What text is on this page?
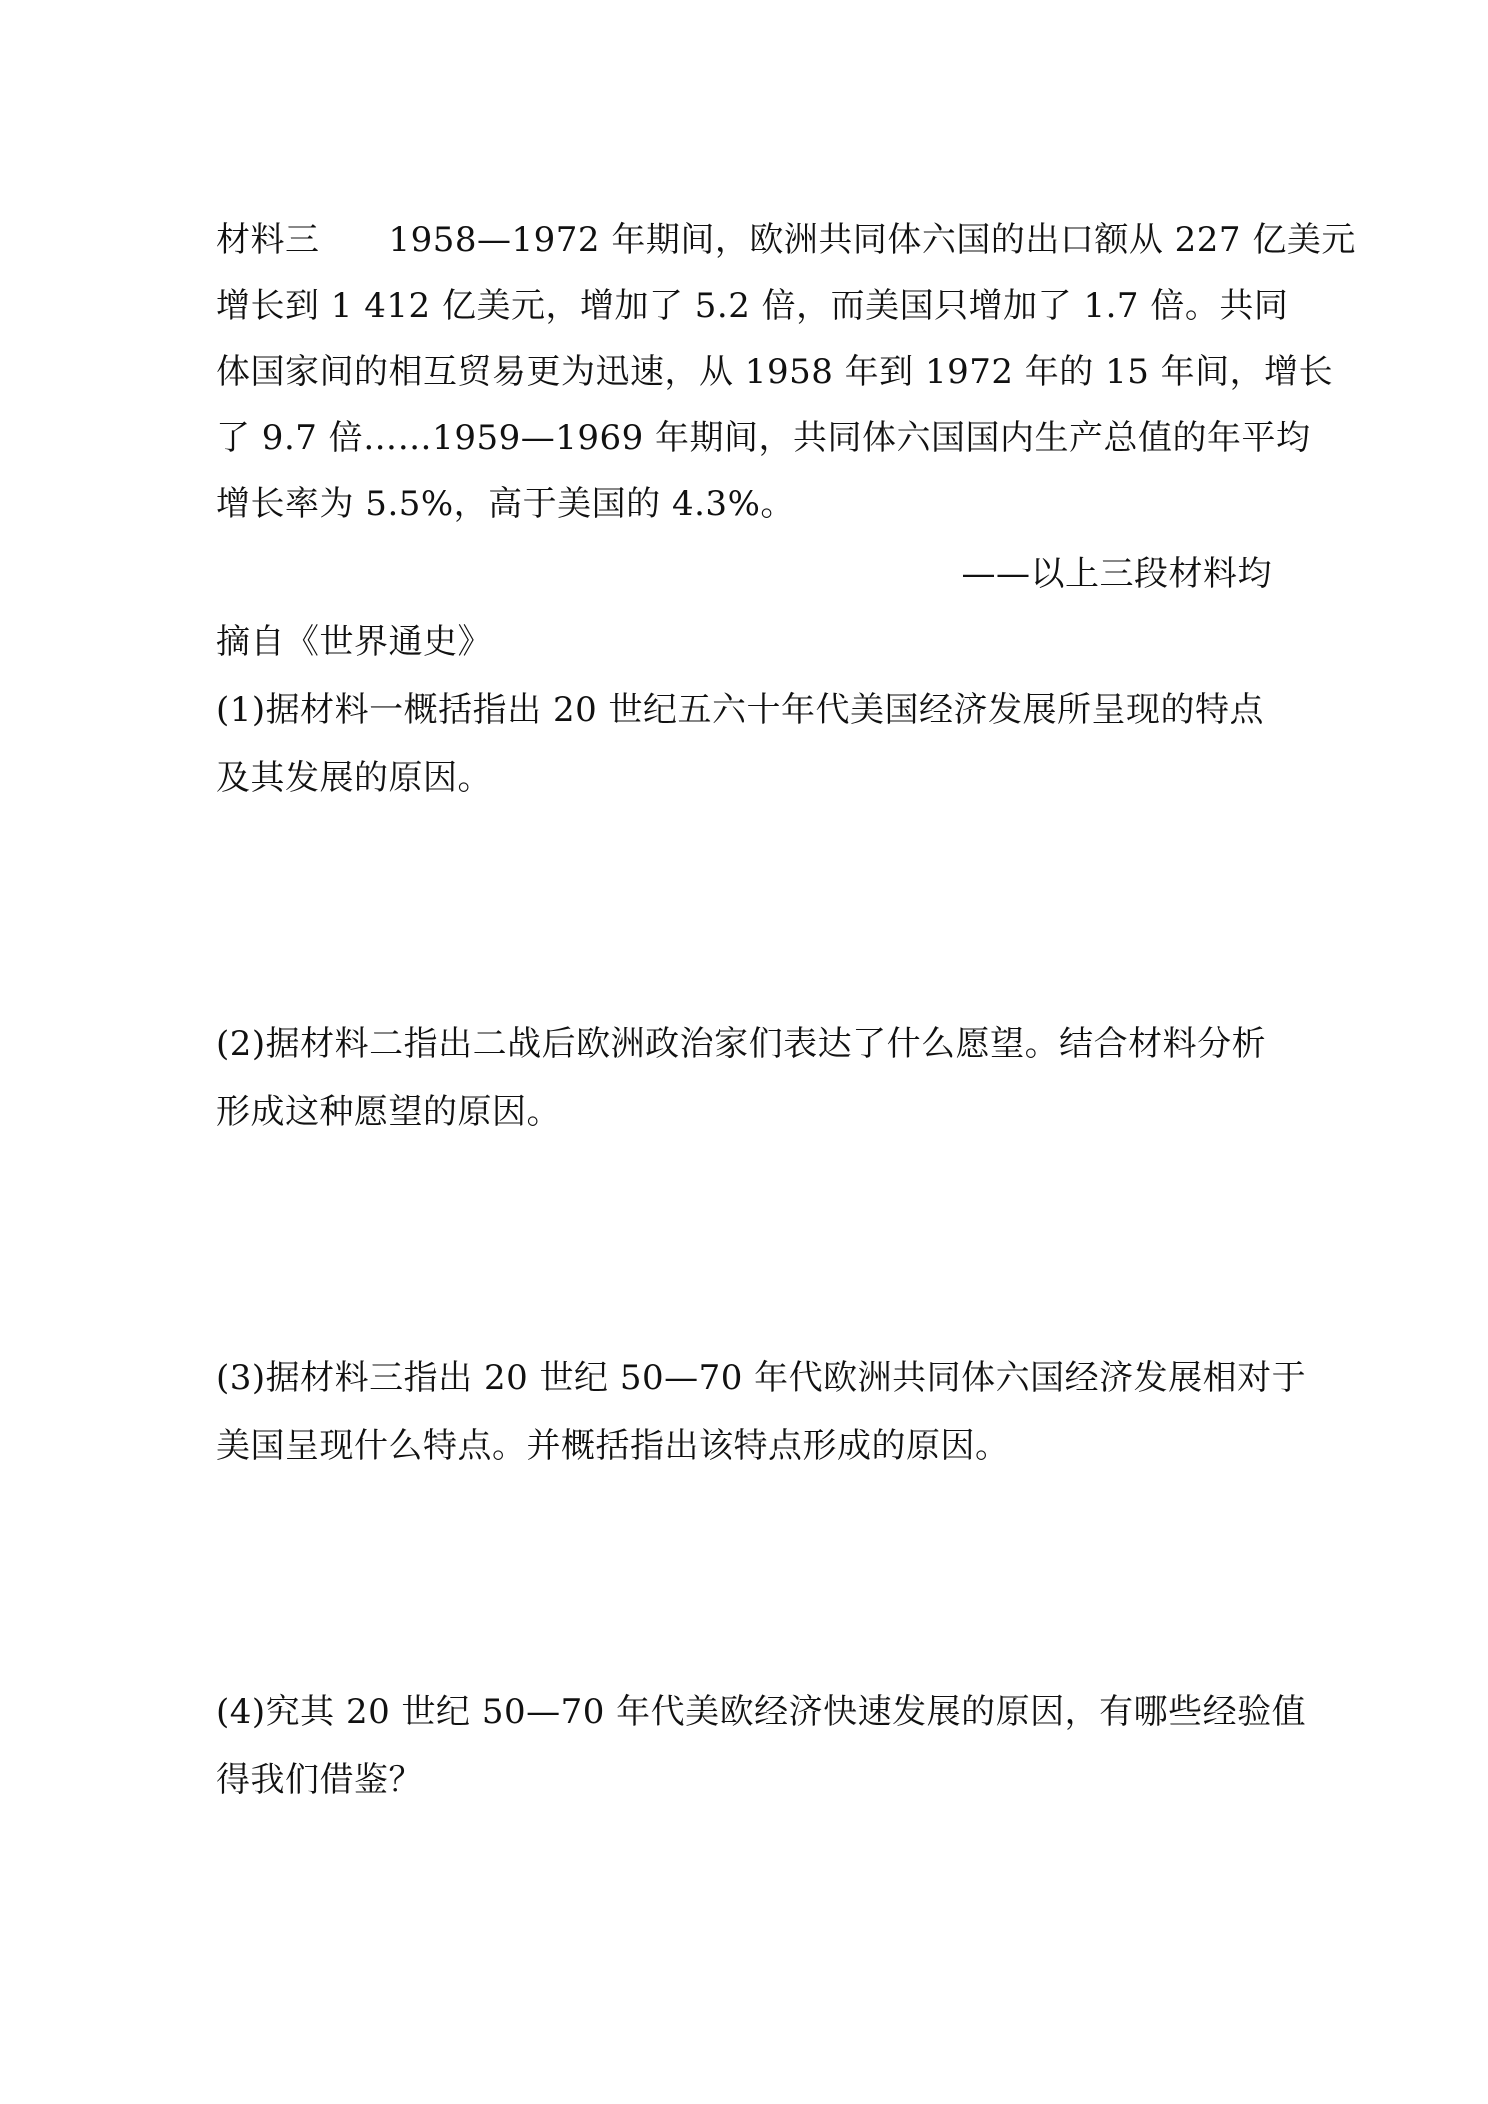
材料三　　1958—1972 年期间，欧洲共同体六国的出口额从 227 亿美元
增长到 1 412 亿美元，增加了 5.2 倍，而美国只增加了 1.7 倍。共同
体国家间的相互贸易更为迅速，从 1958 年到 1972 年的 15 年间，增长
了 9.7 倍……1959—1969 年期间，共同体六国国内生产总值的年平均
增长率为 5.5%，高于美国的 4.3%。
——以上三段材料均
摘自《世界通史》
(1)据材料一概括指出 20 世纪五六十年代美国经济发展所呈现的特点
及其发展的原因。
(2)据材料二指出二战后欧洲政治家们表达了什么愿望。结合材料分析
形成这种愿望的原因。
(3)据材料三指出 20 世纪 50—70 年代欧洲共同体六国经济发展相对于
美国呈现什么特点。并概括指出该特点形成的原因。
(4)究其 20 世纪 50—70 年代美欧经济快速发展的原因，有哪些经验值
得我们借鉴？
